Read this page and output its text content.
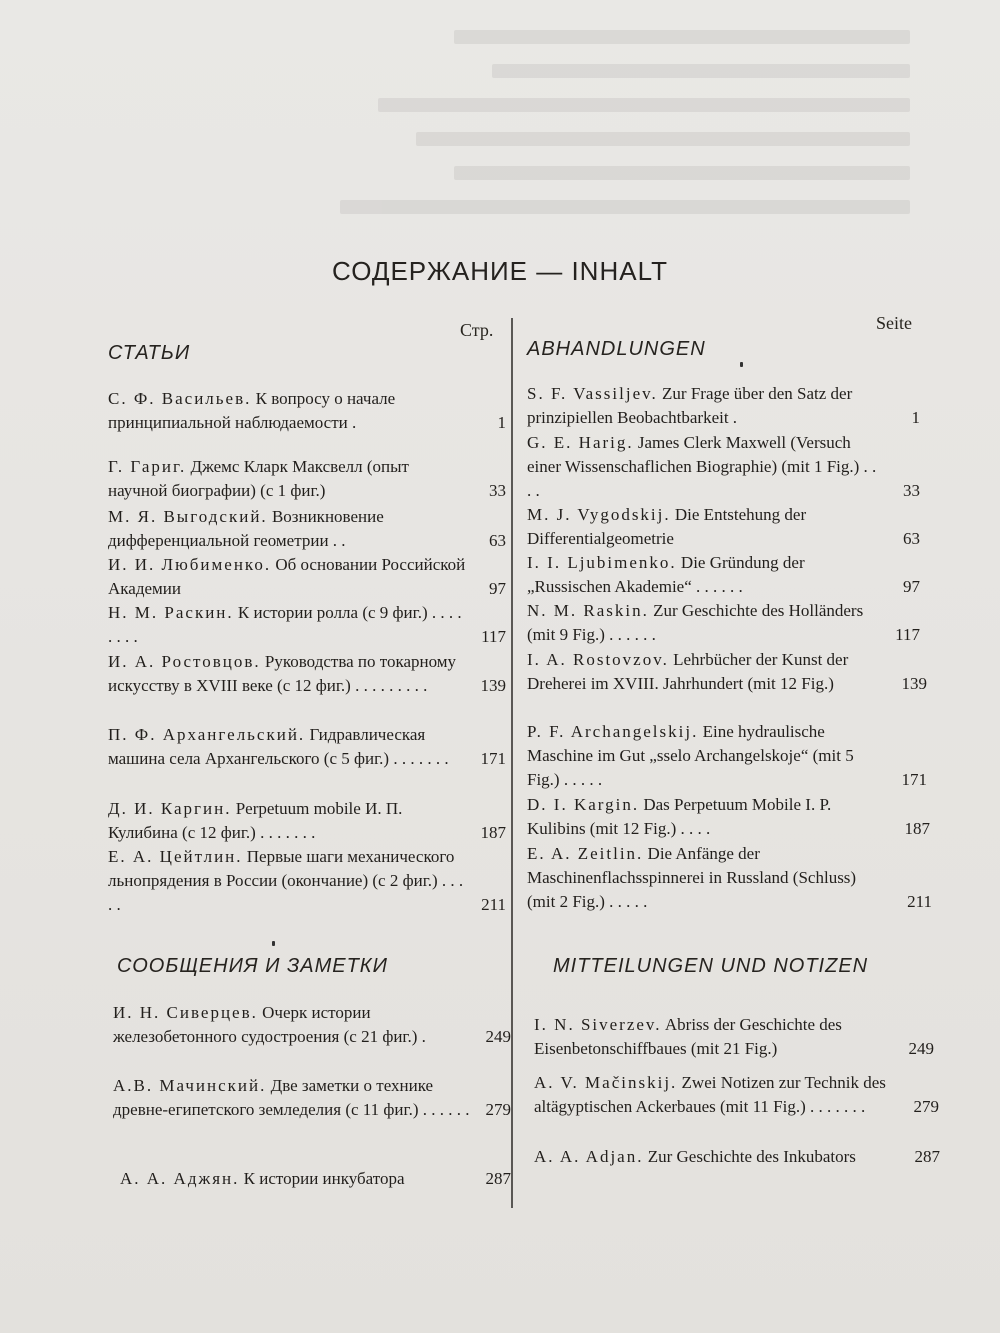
СОДЕРЖАНИЕ — INHALT
Стр.	Seite
СТАТЬИ
С. Ф. Васильев. К вопросу о начале принципиальной наблюдаемости .	1
Г. Гариг. Джемс Кларк Максвелл (опыт научной биографии) (с 1 фиг.)	33
М. Я. Выгодский. Возникновение дифференциальной геометрии . .	63
И. И. Любименко. Об основании Российской Академии	97
Н. М. Раскин. К истории ролла (с 9 фиг.) . . . . . . . .	117
И. А. Ростовцов. Руководства по токарному искусству в XVIII веке (с 12 фиг.) . . . . . . . . .	139
П. Ф. Архангельский. Гидравлическая машина села Архангельского (с 5 фиг.) . . . . . . .	171
Д. И. Каргин. Perpetuum mobile И. П. Кулибина (с 12 фиг.) . . . . . . .	187
Е. А. Цейтлин. Первые шаги механического льнопрядения в России (окончание) (с 2 фиг.) . . . . .	211
СООБЩЕНИЯ И ЗАМЕТКИ
И. Н. Сиверцев. Очерк истории железобетонного судостроения (с 21 фиг.) .	249
А.В. Мачинский. Две заметки о технике древне-египетского земледелия (с 11 фиг.) . . . . . . 279
А. А. Аджян. К истории инкубатора	287
ABHANDLUNGEN
S. F. Vassiljev. Zur Frage über den Satz der prinzipiellen Beobachtbarkeit .	1
G. E. Harig. James Clerk Maxwell (Versuch einer Wissenschaflichen Biographie) (mit 1 Fig.) . . . .	33
M. J. Vygodskij. Die Entstehung der Differentialgeometrie	63
I. I. Ljubimenko. Die Gründung der „Russischen Akademie“ . . . . . .	97
N. M. Raskin. Zur Geschichte des Holländers (mit 9 Fig.) . . . . . .	117
I. A. Rostovzov. Lehrbücher der Kunst der Dreherei im XVIII. Jahrhundert (mit 12 Fig.)	139
P. F. Archangelskij. Eine hydraulische Maschine im Gut „sselo Archangelskoje“ (mit 5 Fig.) . . . . .	171
D. I. Kargin. Das Perpetuum Mobile I. P. Kulibins (mit 12 Fig.) . . . .	187
E. A. Zeitlin. Die Anfänge der Maschinenflachsspinnerei in Russland (Schluss) (mit 2 Fig.) . . . . .	211
MITTEILUNGEN UND NOTIZEN
I. N. Siverzev. Abriss der Geschichte des Eisenbetonschiffbaues (mit 21 Fig.)	249
A. V. Mačinskij. Zwei Notizen zur Technik des altägyptischen Ackerbaues (mit 11 Fig.) . . . . . . .	279
A. A. Adjan. Zur Geschichte des Inkubators	287
